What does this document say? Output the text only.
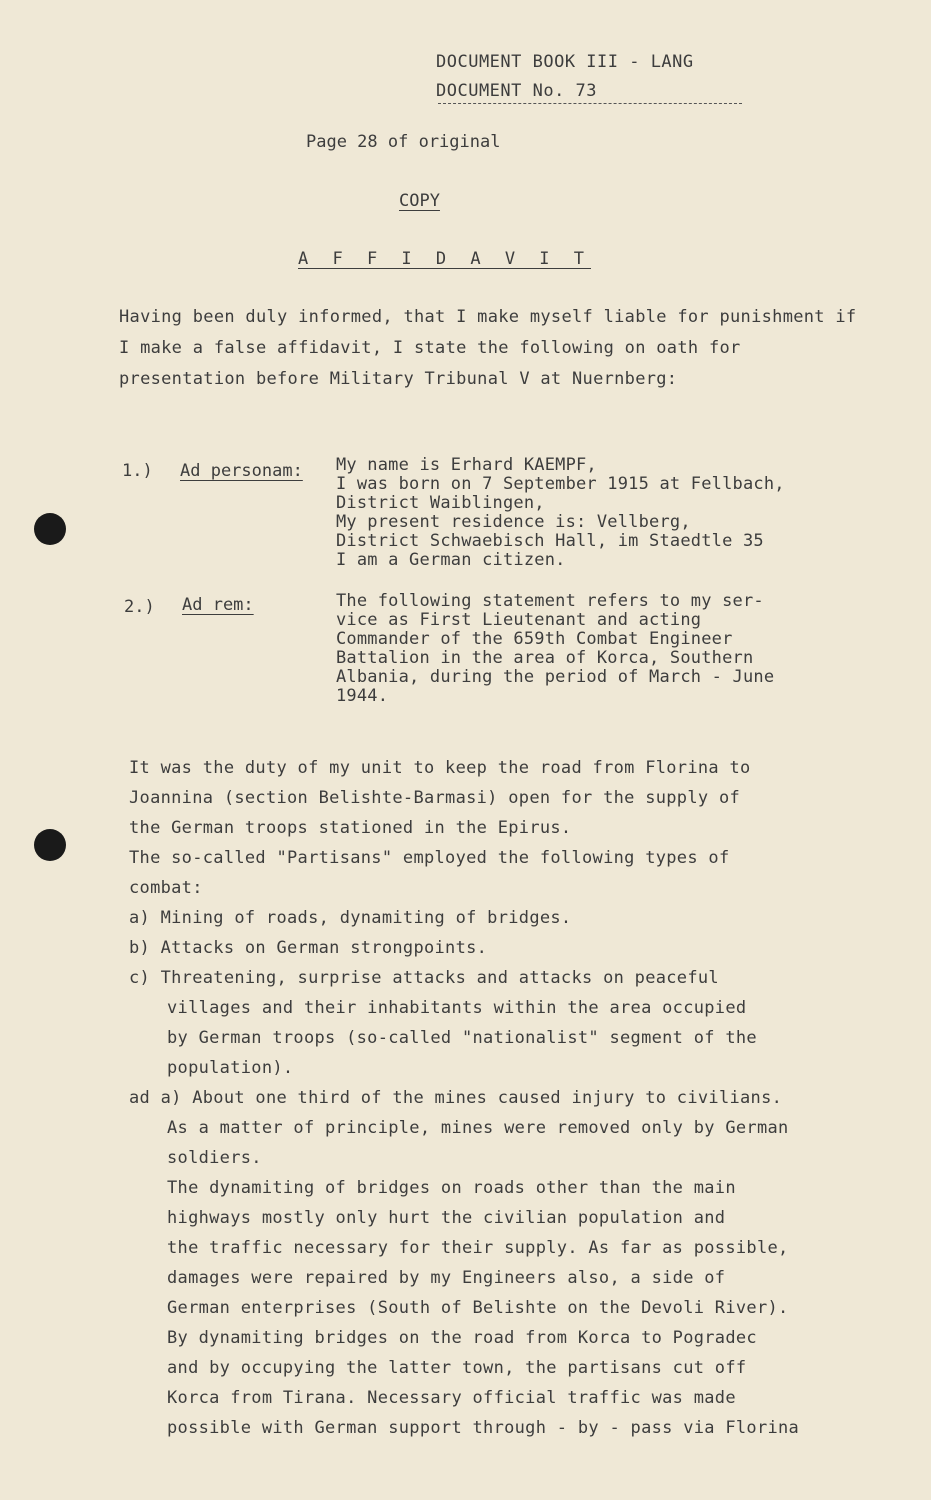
DOCUMENT BOOK III - LANG
DOCUMENT No. 73
Page 28 of original
COPY
A F F I D A V I T
Having been duly informed, that I make myself liable for punishment if I make a false affidavit, I state the following on oath for presentation before Military Tribunal V at Nuernberg:
1.) Ad personam: My name is Erhard KAEMPF,
I was born on 7 September 1915 at Fellbach,
District Waiblingen,
My present residence is: Vellberg,
District Schwaebisch Hall, im Staedtle 35
I am a German citizen.
2.) Ad rem:	The following statement refers to my ser-
vice as First Lieutenant and acting
Commander of the 659th Combat Engineer
Battalion in the area of Korca, Southern
Albania, during the period of March - June
1944.
It was the duty of my unit to keep the road from Florina to
Joannina (section Belishte-Barmasi) open for the supply of
the German troops stationed in the Epirus.
The so-called "Partisans" employed the following types of
combat:
a) Mining of roads, dynamiting of bridges.
b) Attacks on German strongpoints.
c) Threatening, surprise attacks and attacks on peaceful
villages and their inhabitants within the area occupied
by German troops (so-called "nationalist" segment of the
population).
ad a) About one third of the mines caused injury to civilians.
As a matter of principle, mines were removed only by German
soldiers.
The dynamiting of bridges on roads other than the main
highways mostly only hurt the civilian population and
the traffic necessary for their supply. As far as possible,
damages were repaired by my Engineers also, a side of
German enterprises (South of Belishte on the Devoli River).
By dynamiting bridges on the road from Korca to Pogradec
and by occupying the latter town, the partisans cut off
Korca from Tirana. Necessary official traffic was made
possible with German support through - by - pass via Florina
